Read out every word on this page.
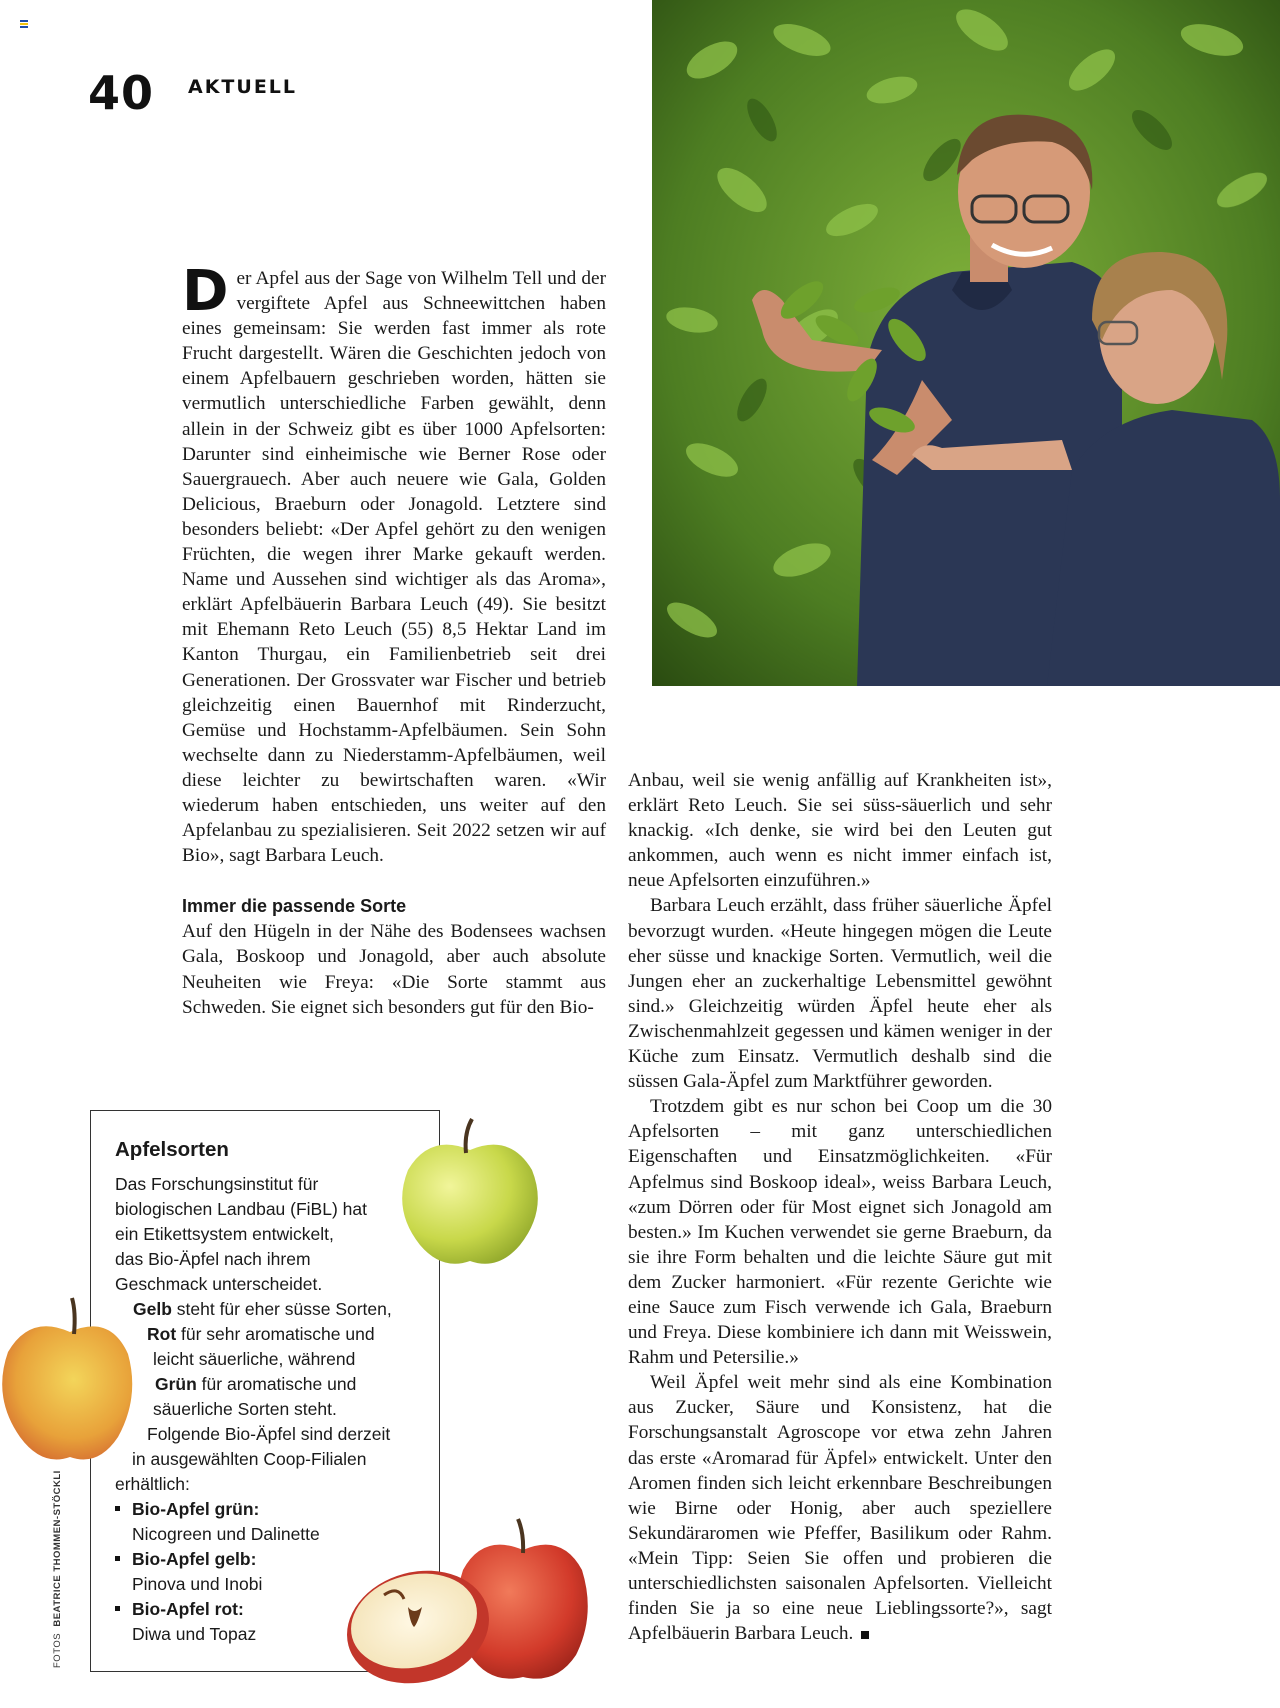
40 AKTUELL

Der Apfel aus der Sage von Wilhelm Tell und der vergiftete Apfel aus Schneewittchen haben eines gemeinsam: Sie werden fast immer als rote Frucht dargestellt. Wären die Geschichten jedoch von einem Apfelbauern geschrieben worden, hätten sie vermutlich unterschiedliche Farben gewählt, denn allein in der Schweiz gibt es über 1000 Apfelsorten: Darunter sind einheimische wie Berner Rose oder Sauergrauech. Aber auch neuere wie Gala, Golden Delicious, Braeburn oder Jonagold. Letztere sind besonders beliebt: «Der Apfel gehört zu den wenigen Früchten, die wegen ihrer Marke gekauft werden. Name und Aussehen sind wichtiger als das Aroma», erklärt Apfelbäuerin Barbara Leuch (49). Sie besitzt mit Ehemann Reto Leuch (55) 8,5 Hektar Land im Kanton Thurgau, ein Familienbetrieb seit drei Generationen. Der Grossvater war Fischer und betrieb gleichzeitig einen Bauernhof mit Rinderzucht, Gemüse und Hochstamm-Apfelbäumen. Sein Sohn wechselte dann zu Niederstamm-Apfelbäumen, weil diese leichter zu bewirtschaften waren. «Wir wiederum haben entschieden, uns weiter auf den Apfelanbau zu spezialisieren. Seit 2022 setzen wir auf Bio», sagt Barbara Leuch.

Immer die passende Sorte

Auf den Hügeln in der Nähe des Bodensees wachsen Gala, Boskoop und Jonagold, aber auch absolute Neuheiten wie Freya: «Die Sorte stammt aus Schweden. Sie eignet sich besonders gut für den Bio-

Anbau, weil sie wenig anfällig auf Krankheiten ist», erklärt Reto Leuch. Sie sei süss-säuerlich und sehr knackig. «Ich denke, sie wird bei den Leuten gut ankommen, auch wenn es nicht immer einfach ist, neue Apfelsorten einzuführen.»

Barbara Leuch erzählt, dass früher säuerliche Äpfel bevorzugt wurden. «Heute hingegen mögen die Leute eher süsse und knackige Sorten. Vermutlich, weil die Jungen eher an zuckerhaltige Lebensmittel gewöhnt sind.» Gleichzeitig würden Äpfel heute eher als Zwischenmahlzeit gegessen und kämen weniger in der Küche zum Einsatz. Vermutlich deshalb sind die süssen Gala-Äpfel zum Marktführer geworden.

Trotzdem gibt es nur schon bei Coop um die 30 Apfelsorten – mit ganz unterschiedlichen Eigenschaften und Einsatzmöglichkeiten. «Für Apfelmus sind Boskoop ideal», weiss Barbara Leuch, «zum Dörren oder für Most eignet sich Jonagold am besten.» Im Kuchen verwendet sie gerne Braeburn, da sie ihre Form behalten und die leichte Säure gut mit dem Zucker harmoniert. «Für rezente Gerichte wie eine Sauce zum Fisch verwende ich Gala, Braeburn und Freya. Diese kombiniere ich dann mit Weisswein, Rahm und Petersilie.»

Weil Äpfel weit mehr sind als eine Kombination aus Zucker, Säure und Konsistenz, hat die Forschungsanstalt Agroscope vor etwa zehn Jahren das erste «Aromarad für Äpfel» entwickelt. Unter den Aromen finden sich leicht erkennbare Beschreibungen wie Birne oder Honig, aber auch speziellere Sekundäraromen wie Pfeffer, Basilikum oder Rahm. «Mein Tipp: Seien Sie offen und probieren die unterschiedlichsten saisonalen Apfelsorten. Vielleicht finden Sie ja so eine neue Lieblingssorte?», sagt Apfelbäuerin Barbara Leuch.

Apfelsorten
Das Forschungsinstitut für
biologischen Landbau (FiBL) hat
ein Etikettsystem entwickelt,
das Bio-Äpfel nach ihrem
Geschmack unterscheidet.
Gelb steht für eher süsse Sorten,
Rot für sehr aromatische und
leicht säuerliche, während
Grün für aromatische und
säuerliche Sorten steht.
Folgende Bio-Äpfel sind derzeit
in ausgewählten Coop-Filialen
erhältlich:
Bio-Apfel grün:
Nicogreen und Dalinette
Bio-Apfel gelb:
Pinova und Inobi
Bio-Apfel rot:
Diwa und Topaz
FOTOS  BEATRICE THOMMEN-STÖCKLI
